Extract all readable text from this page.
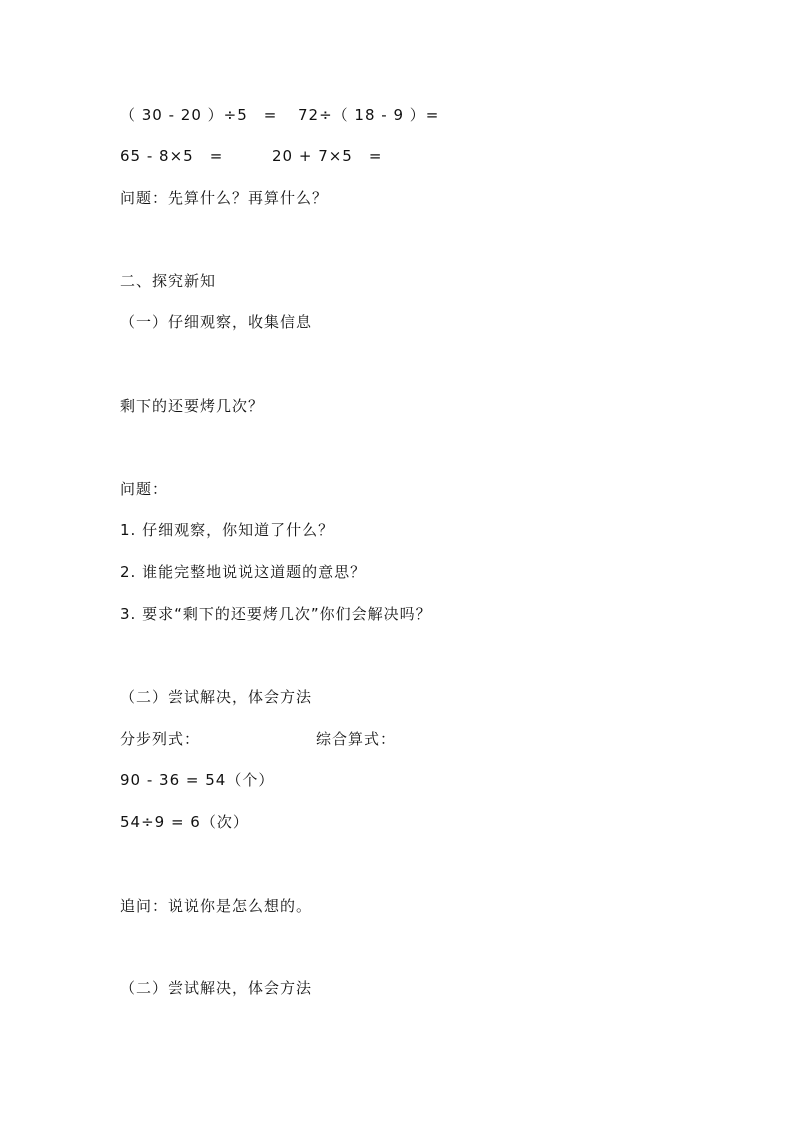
（ 30 - 20 ）÷5　= 72÷（ 18 - 9 ）=
65 - 8×5　=	20 + 7×5　=
问题：先算什么？再算什么？
二、探究新知
（一）仔细观察，收集信息
剩下的还要烤几次？
问题：
1. 仔细观察，你知道了什么？
2. 谁能完整地说说这道题的意思？
3. 要求“剩下的还要烤几次”你们会解决吗？
（二）尝试解决，体会方法
分步列式：	综合算式：
90 - 36 = 54（个）
54÷9 = 6（次）
追问：说说你是怎么想的。
（二）尝试解决，体会方法
